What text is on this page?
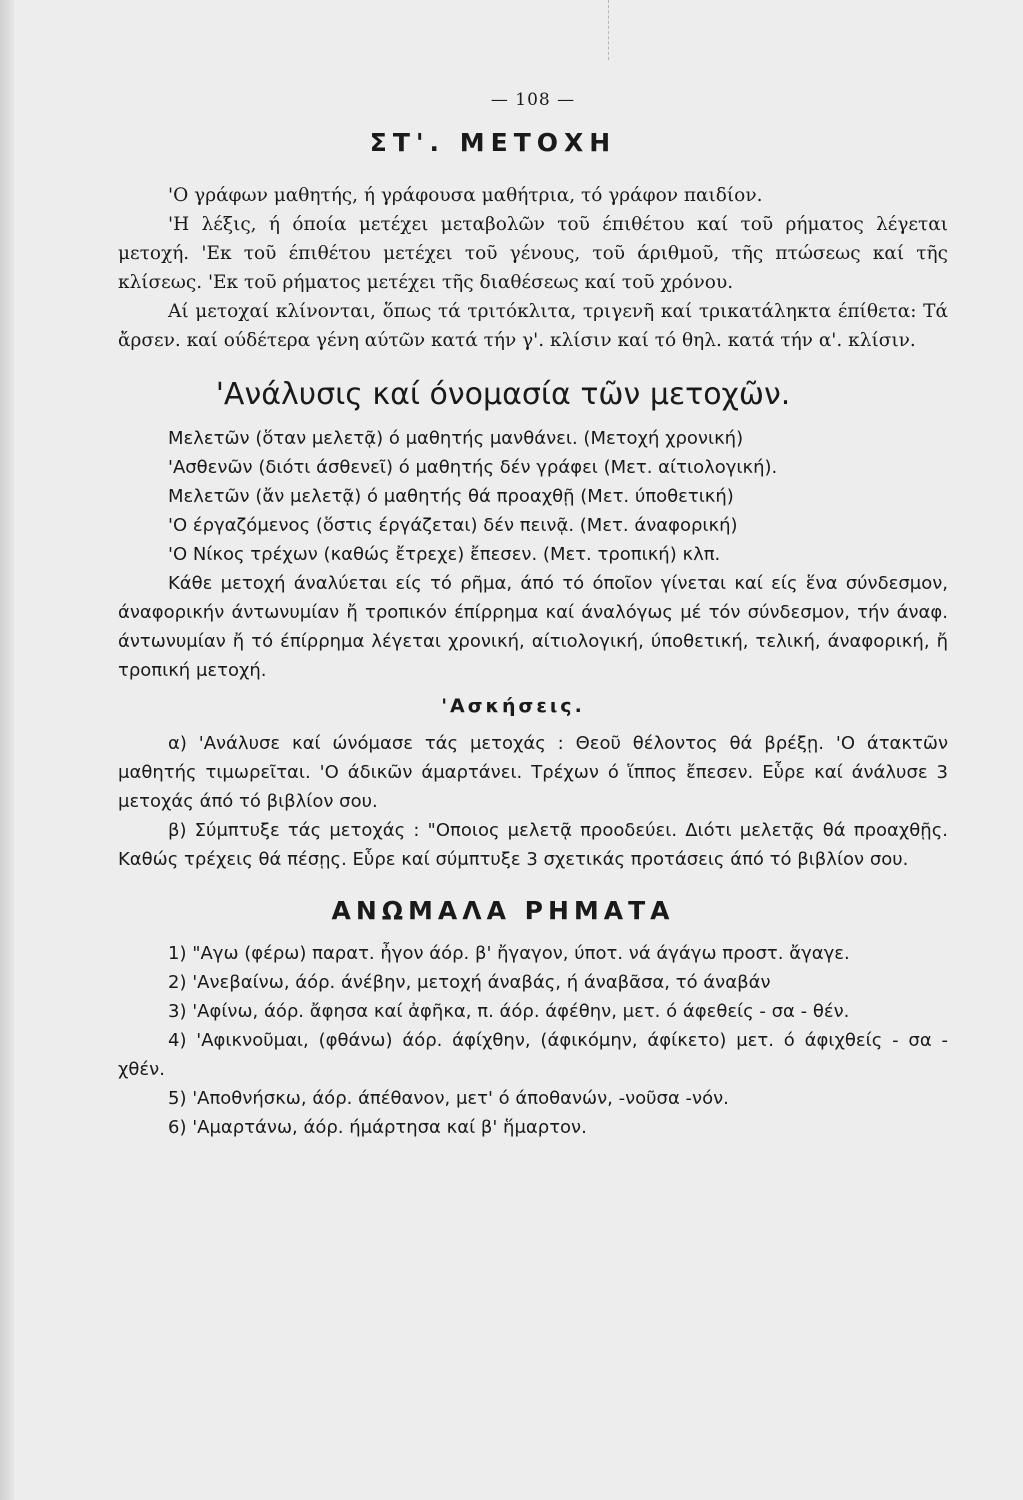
— 108 —
ΣΤ'. ΜΕΤΟΧΗ

'Ο γράφων μαθητής, ή γράφουσα μαθήτρια, τό γράφον παιδίον.

'Η λέξις, ή όποία μετέχει μεταβολῶν τοῦ έπιθέτου καί τοῦ ρήματος λέγεται μετοχή. 'Εκ τοῦ έπιθέτου μετέχει τοῦ γένους, τοῦ άριθμοῦ, τῆς πτώσεως καί τῆς κλίσεως. 'Εκ τοῦ ρήματος μετέχει τῆς διαθέσεως καί τοῦ χρόνου.

Αί μετοχαί κλίνονται, ὅπως τά τριτόκλιτα, τριγενῆ καί τρικατάληκτα έπίθετα: Τά ἄρσεν. καί ούδέτερα γένη αύτῶν κατά τήν γ'. κλίσιν καί τό θηλ. κατά τήν α'. κλίσιν.

'Ανάλυσις καί όνομασία τῶν μετοχῶν.
Μελετῶν (ὅταν μελετᾷ) ό μαθητής μανθάνει. (Μετοχή χρονική)
'Ασθενῶν (διότι άσθενεῖ) ό μαθητής δέν γράφει (Μετ. αίτιολογική).
Μελετῶν (ἄν μελετᾷ) ό μαθητής θά προαχθῇ (Μετ. ύποθετική)
'Ο έργαζόμενος (ὅστις έργάζεται) δέν πεινᾷ. (Μετ. άναφορική)
'Ο Νίκος τρέχων (καθώς ἔτρεχε) ἔπεσεν. (Μετ. τροπική) κλπ.

Κάθε μετοχή άναλύεται είς τό ρῆμα, άπό τό όποῖον γίνεται καί είς ἕνα σύνδεσμον, άναφορικήν άντωνυμίαν ἤ τροπικόν έπίρρημα καί άναλόγως μέ τόν σύνδεσμον, τήν άναφ. άντωνυμίαν ἤ τό έπίρρημα λέγεται χρονική, αίτιολογική, ύποθετική, τελική, άναφορική, ἤ τροπική μετοχή.

'Ασκήσεις.

α) 'Ανάλυσε καί ώνόμασε τάς μετοχάς : Θεοῦ θέλοντος θά βρέξῃ. 'Ο άτακτῶν μαθητής τιμωρεῖται. 'Ο άδικῶν άμαρτάνει. Τρέχων ό ἵππος ἔπεσεν. Εὗρε καί άνάλυσε 3 μετοχάς άπό τό βιβλίον σου.

β) Σύμπτυξε τάς μετοχάς : "Οποιος μελετᾷ προοδεύει. Διότι μελετᾷς θά προαχθῇς. Καθώς τρέχεις θά πέσῃς. Εὗρε καί σύμπτυξε 3 σχετικάς προτάσεις άπό τό βιβλίον σου.

ΑΝΩΜΑΛΑ ΡΗΜΑΤΑ

1) "Αγω (φέρω) παρατ. ἦγον άόρ. β' ἤγαγον, ύποτ. νά άγάγω προστ. ἄγαγε.

2) 'Ανεβαίνω, άόρ. άνέβην, μετοχή άναβάς, ή άναβᾶσα, τό άναβάν

3) 'Αφίνω, άόρ. ἄφησα καί ἀφῆκα, π. άόρ. άφέθην, μετ. ό άφεθείς - σα - θέν.

4) 'Αφικνοῦμαι, (φθάνω) άόρ. άφίχθην, (άφικόμην, άφίκετο) μετ. ό άφιχθείς - σα - χθέν.

5) 'Αποθνήσκω, άόρ. άπέθανον, μετ' ό άποθανών, -νοῦσα -νόν.

6) 'Αμαρτάνω, άόρ. ήμάρτησα καί β' ἥμαρτον.
